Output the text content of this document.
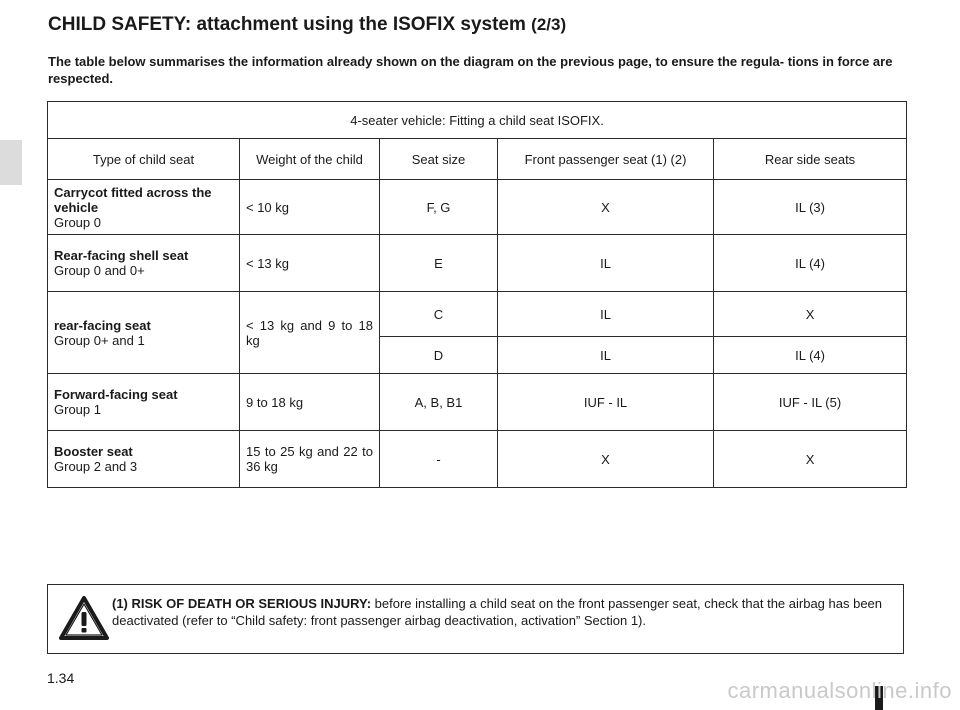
CHILD SAFETY: attachment using the ISOFIX system (2/3)

The table below summarises the information already shown on the diagram on the previous page, to ensure the regula- tions in force are respected.

4-seater vehicle: Fitting a child seat ISOFIX.				
Type of child seat	Weight of the child	Seat size	Front passenger seat (1) (2)	Rear side seats

Carrycot fitted across the vehicle
Group 0	< 10 kg	F, G	X	IL (3)

Rear-facing shell seat
Group 0 and 0+	< 13 kg	E	IL	IL (4)

rear-facing seat
Group 0+ and 1	< 13 kg and 9 to 18 kg	C	IL	X
		D	IL	IL (4)

Forward-facing seat
Group 1	9 to 18 kg	A, B, B1	IUF - IL	IUF - IL (5)

Booster seat
Group 2 and 3	15 to 25 kg and 22 to 36 kg	-	X	X

(1) RISK OF DEATH OR SERIOUS INJURY: before installing a child seat on the front passenger seat, check that the airbag has been deactivated (refer to “Child safety: front passenger airbag deactivation, activation” Section 1).

1.34	carmanualsonline.info
